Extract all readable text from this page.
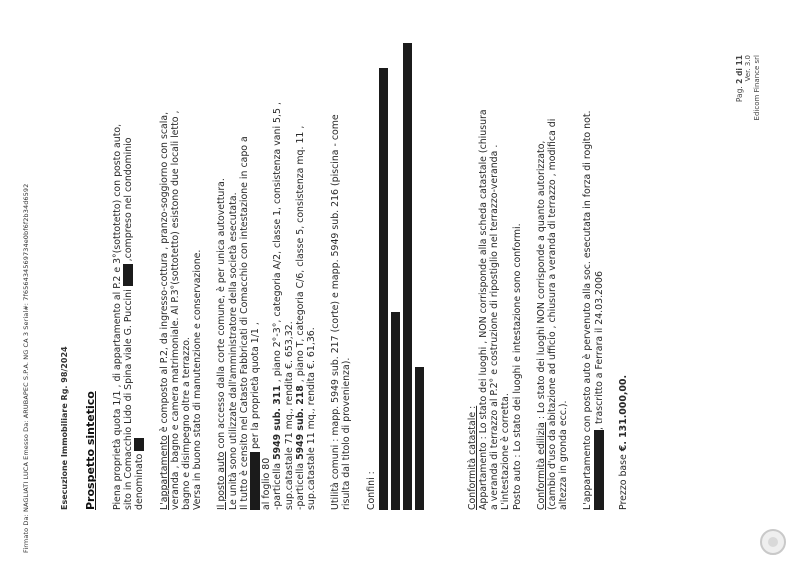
Firmato Da: NAGLIATI LUCA Emesso Da: ARUBAPEC S.P.A. NG CA 3 Serial#: 7f656434569734e0bf6f2b34d6592	Esecuzione Immobiliare Rg. 98/2024 Prospetto sintetico Piena proprietà quota 1/1 , di appartamento al P.2 e 3°(sottotetto) con posto auto, sito in Comacchio Lido di Spina viale G. Puccini  ,compreso nel condominio
denominato L'appartamento è composto al P.2, da ingresso-cottura , pranzo-soggiorno con scala, veranda , bagno e camera matrimoniale. Al P.3°(sottotetto) esistono due locali letto , bagno e disimpegno oltre a terrazzo. Versa in buono stato di manutenzione e conservazione. Il posto auto con accesso dalla corte comune, è per unica autovettura. Le unità sono utilizzate dall'amministratore della società esecutata. Il tutto è censito nel Catasto Fabbricati di Comacchio con intestazione in capo a per la proprietà quota 1/1 ,
al foglio 80 -particella 5949 sub. 311 , piano 2°-3°, categoria A/2, classe 1, consistenza vani 5,5 ,
sup.catastale 71 mq., rendita €. 653,32. -particella 5949 sub. 218 , piano T, categoria C/6, classe 5, consistenza mq. 11 ,
sup.catastale 11 mq., rendita €. 61,36. Utilità comuni : mapp. 5949 sub. 217 (corte) e mapp. 5949 sub. 216 (piscina - come risulta dal titolo di provenienza). Confini :	Conformità catastale : Appartamento : Lo stato dei luoghi , NON corrisponde alla scheda catastale (chiusura a veranda di terrazzo al P.2° e costruzione di ripostiglio nel terrazzo-veranda . L'intestazione è corretta. Posto auto : Lo stato dei luoghi e intestazione sono conformi. Conformità edilizia : Lo stato dei luoghi NON corrisponde a quanto autorizzato, (cambio d'uso da abitazione ad ufficio , chiusura a veranda di terrazzo , modifica di altezza in gronda ecc.). L'appartamento con posto auto è pervenuto alla soc. esecutata in forza di rogito not. , trascritto a Ferrara il 24.03.2006

Prezzo base €. 131.000,00.

Pag. 2 di 11 Ver. 3.0 Edicom Finance srl
